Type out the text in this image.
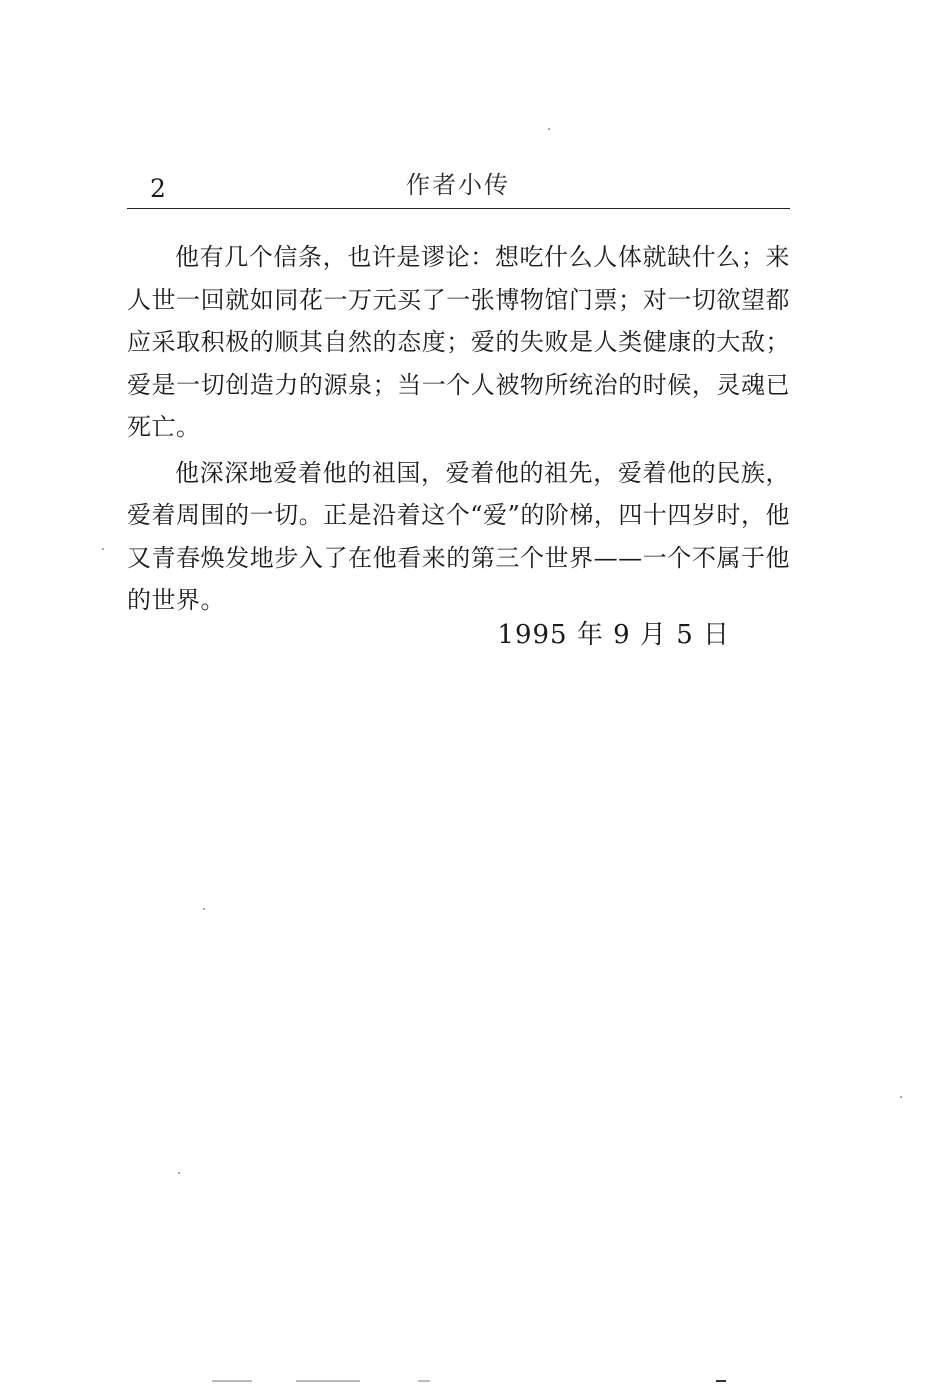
2	作者小传

他有几个信条，也许是谬论：想吃什么人体就缺什么；来人世一回就如同花一万元买了一张博物馆门票；对一切欲望都应采取积极的顺其自然的态度；爱的失败是人类健康的大敌；爱是一切创造力的源泉；当一个人被物所统治的时候，灵魂已死亡。

他深深地爱着他的祖国，爱着他的祖先，爱着他的民族，爱着周围的一切。正是沿着这个“爱”的阶梯，四十四岁时，他又青春焕发地步入了在他看来的第三个世界——一个不属于他的世界。

1995 年 9 月 5 日
